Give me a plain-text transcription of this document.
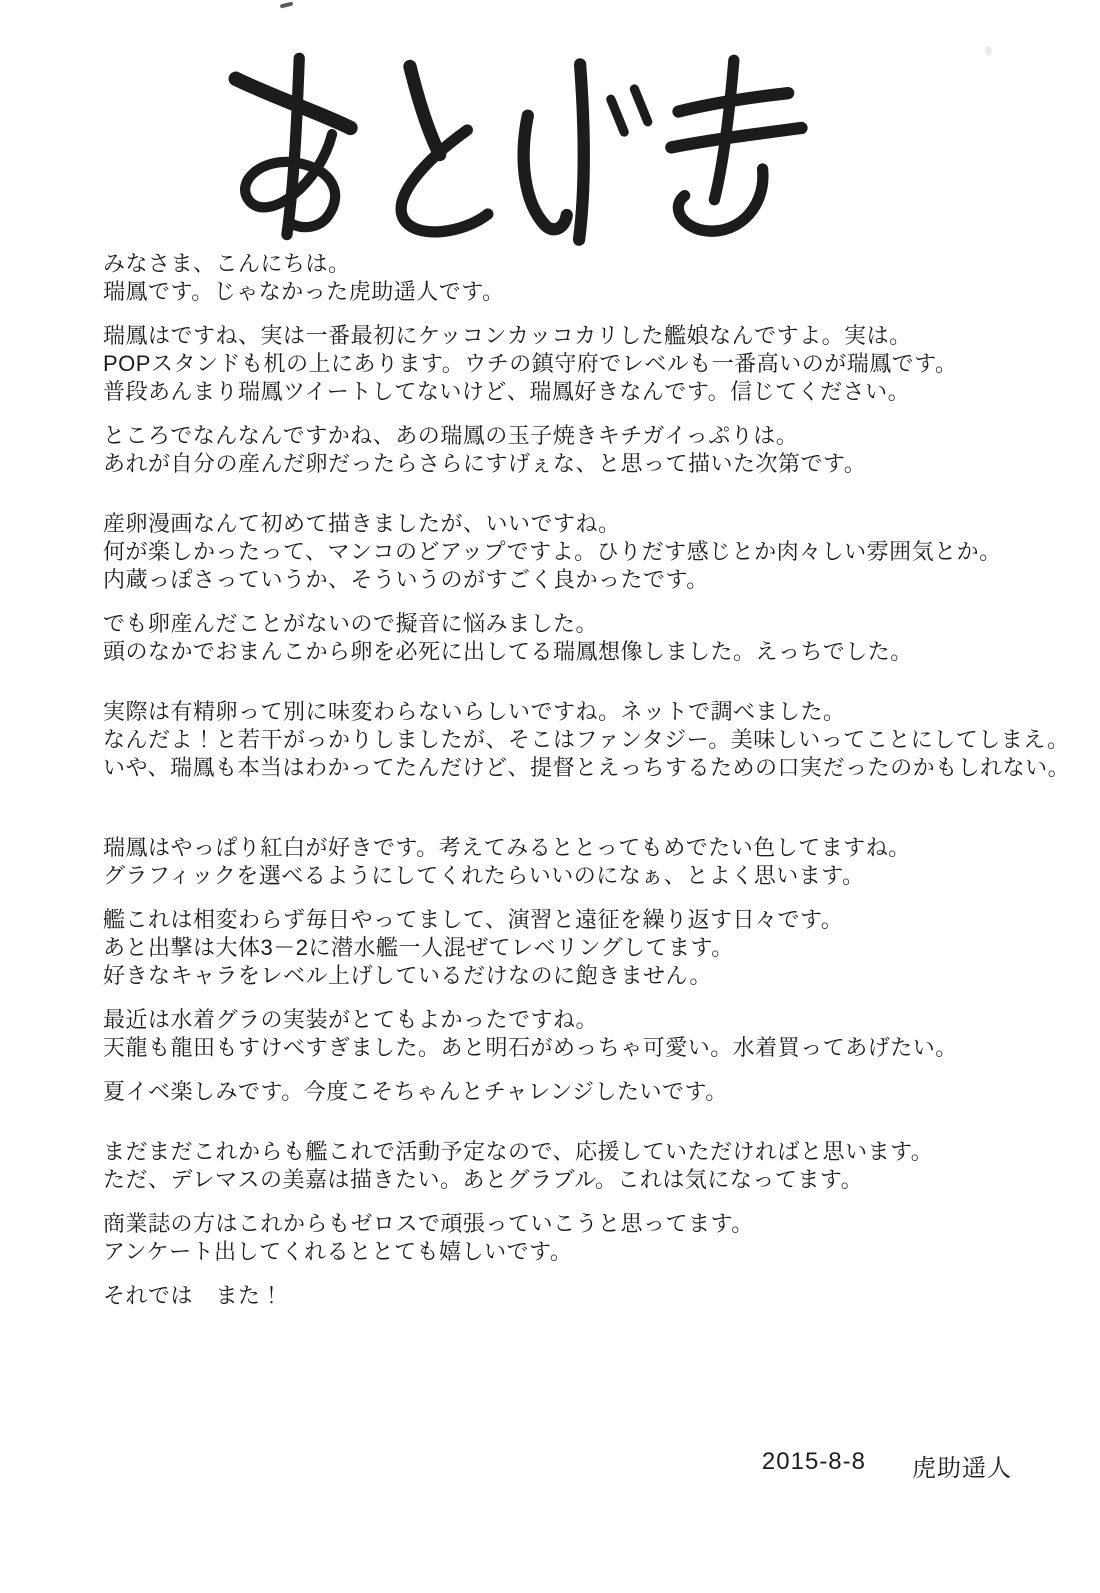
みなさま、こんにちは。
瑞鳳です。じゃなかった虎助遥人です。

瑞鳳はですね、実は一番最初にケッコンカッコカリした艦娘なんですよ。実は。
POPスタンドも机の上にあります。ウチの鎮守府でレベルも一番高いのが瑞鳳です。
普段あんまり瑞鳳ツイートしてないけど、瑞鳳好きなんです。信じてください。

ところでなんなんですかね、あの瑞鳳の玉子焼きキチガイっぷりは。
あれが自分の産んだ卵だったらさらにすげぇな、と思って描いた次第です。

産卵漫画なんて初めて描きましたが、いいですね。
何が楽しかったって、マンコのどアップですよ。ひりだす感じとか肉々しい雰囲気とか。
内蔵っぽさっていうか、そういうのがすごく良かったです。

でも卵産んだことがないので擬音に悩みました。
頭のなかでおまんこから卵を必死に出してる瑞鳳想像しました。えっちでした。

実際は有精卵って別に味変わらないらしいですね。ネットで調べました。
なんだよ！と若干がっかりしましたが、そこはファンタジー。美味しいってことにしてしまえ。
いや、瑞鳳も本当はわかってたんだけど、提督とえっちするための口実だったのかもしれない。

瑞鳳はやっぱり紅白が好きです。考えてみるととってもめでたい色してますね。
グラフィックを選べるようにしてくれたらいいのになぁ、とよく思います。

艦これは相変わらず毎日やってまして、演習と遠征を繰り返す日々です。
あと出撃は大体3－2に潜水艦一人混ぜてレベリングしてます。
好きなキャラをレベル上げしているだけなのに飽きません。

最近は水着グラの実装がとてもよかったですね。
天龍も龍田もすけべすぎました。あと明石がめっちゃ可愛い。水着買ってあげたい。

夏イベ楽しみです。今度こそちゃんとチャレンジしたいです。

まだまだこれからも艦これで活動予定なので、応援していただければと思います。
ただ、デレマスの美嘉は描きたい。あとグラブル。これは気になってます。

商業誌の方はこれからもゼロスで頑張っていこうと思ってます。
アンケート出してくれるととても嬉しいです。

それでは　また！

2015-8-8 虎助遥人
